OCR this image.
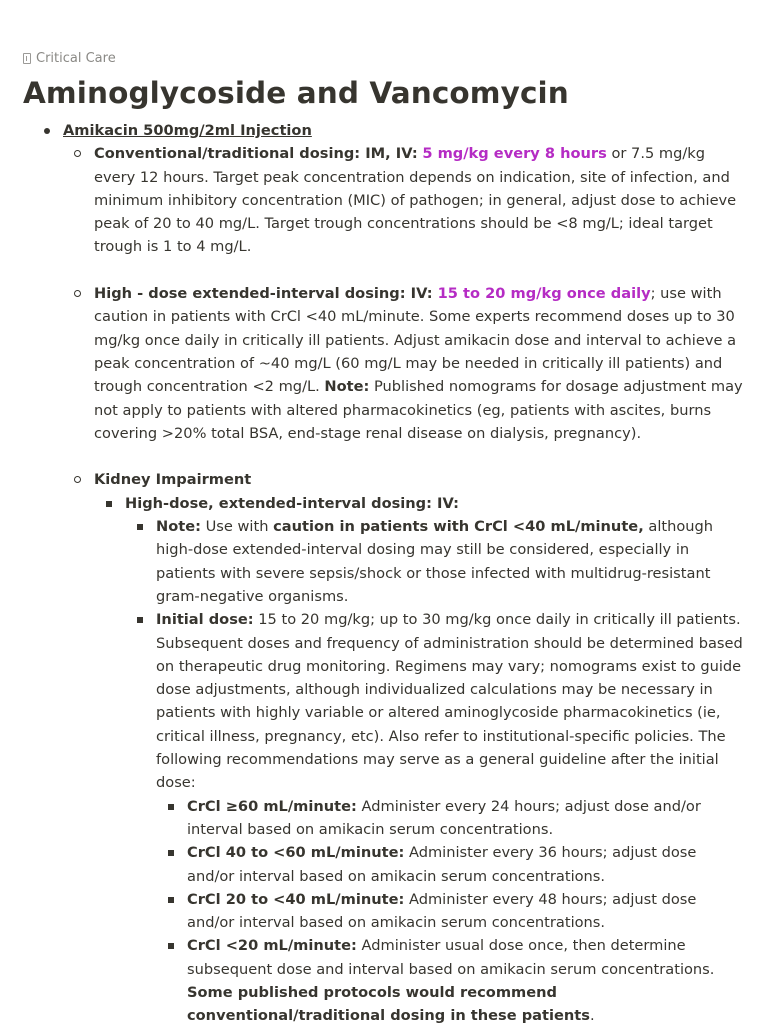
Critical Care
Aminoglycoside and Vancomycin
Amikacin 500mg/2ml Injection
Conventional/traditional dosing: IM, IV: 5 mg/kg every 8 hours or 7.5 mg/kg every 12 hours. Target peak concentration depends on indication, site of infection, and minimum inhibitory concentration (MIC) of pathogen; in general, adjust dose to achieve peak of 20 to 40 mg/L. Target trough concentrations should be <8 mg/L; ideal target trough is 1 to 4 mg/L.
High - dose extended-interval dosing: IV: 15 to 20 mg/kg once daily; use with caution in patients with CrCl <40 mL/minute. Some experts recommend doses up to 30 mg/kg once daily in critically ill patients. Adjust amikacin dose and interval to achieve a peak concentration of ~40 mg/L (60 mg/L may be needed in critically ill patients) and trough concentration <2 mg/L. Note: Published nomograms for dosage adjustment may not apply to patients with altered pharmacokinetics (eg, patients with ascites, burns covering >20% total BSA, end-stage renal disease on dialysis, pregnancy).
Kidney Impairment
High-dose, extended-interval dosing: IV:
Note: Use with caution in patients with CrCl <40 mL/minute, although high-dose extended-interval dosing may still be considered, especially in patients with severe sepsis/shock or those infected with multidrug-resistant gram-negative organisms.
Initial dose: 15 to 20 mg/kg; up to 30 mg/kg once daily in critically ill patients. Subsequent doses and frequency of administration should be determined based on therapeutic drug monitoring. Regimens may vary; nomograms exist to guide dose adjustments, although individualized calculations may be necessary in patients with highly variable or altered aminoglycoside pharmacokinetics (ie, critical illness, pregnancy, etc). Also refer to institutional-specific policies. The following recommendations may serve as a general guideline after the initial dose:
CrCl ≥60 mL/minute: Administer every 24 hours; adjust dose and/or interval based on amikacin serum concentrations.
CrCl 40 to <60 mL/minute: Administer every 36 hours; adjust dose and/or interval based on amikacin serum concentrations.
CrCl 20 to <40 mL/minute: Administer every 48 hours; adjust dose and/or interval based on amikacin serum concentrations.
CrCl <20 mL/minute: Administer usual dose once, then determine subsequent dose and interval based on amikacin serum concentrations. Some published protocols would recommend conventional/traditional dosing in these patients.
